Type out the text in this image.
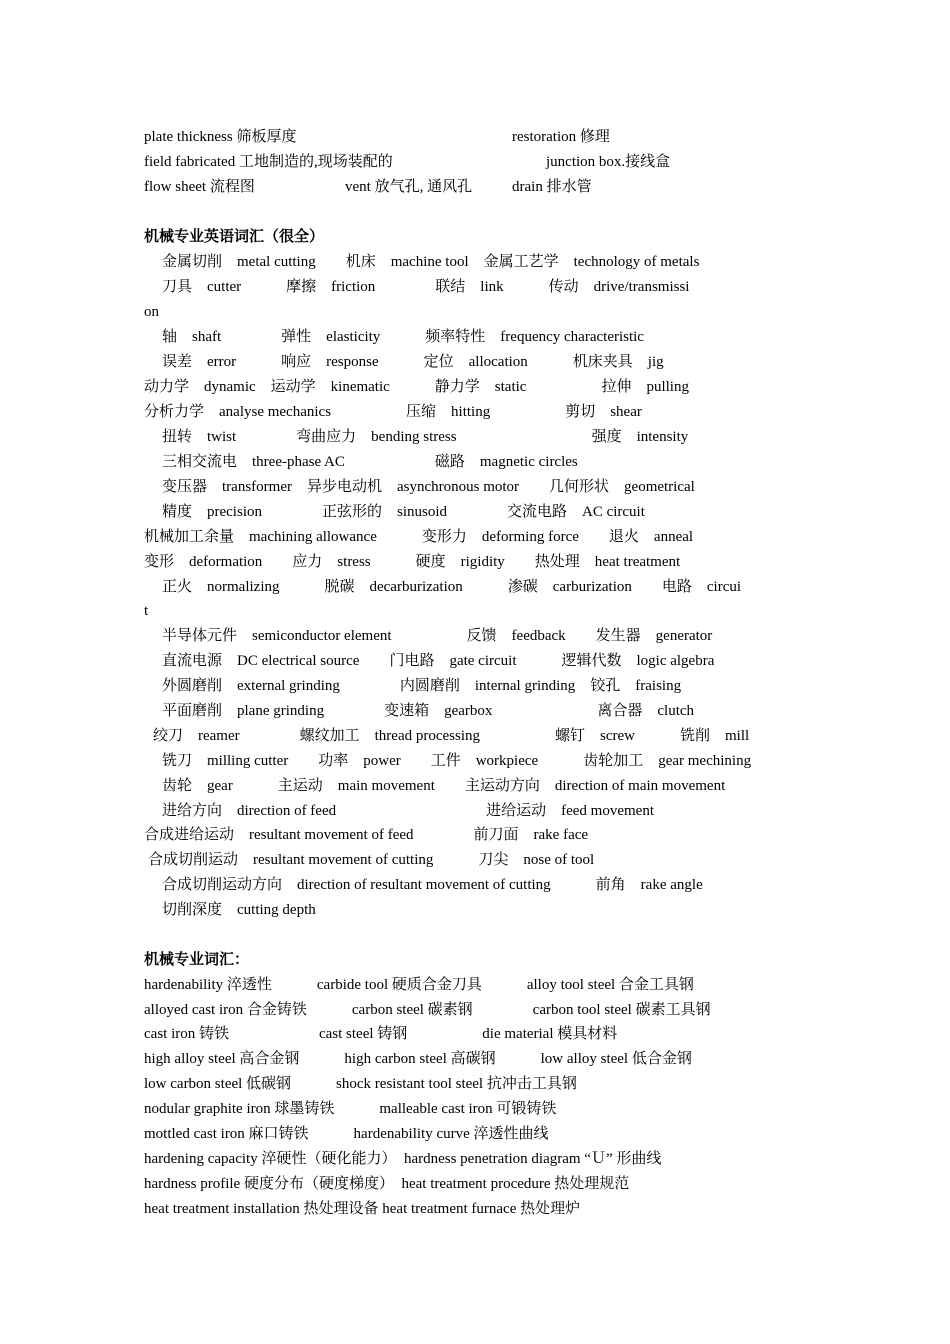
plate thickness 筛板厚度	restoration 修理
field fabricated 工地制造的,现场装配的	junction box.接线盒
flow sheet 流程图	vent 放气孔, 通风孔	drain 排水管
机械专业英语词汇（很全）
金属切削　metal cutting　　机床　machine tool　金属工艺学　technology of metals
刀具　cutter　　　摩擦　friction　　　　联结　link　　　传动　drive/transmissi
on
轴　shaft　　　　弹性　elasticity　　　频率特性　frequency characteristic
误差　error　　　响应　response　　　定位　allocation　　　机床夹具　jig
动力学　dynamic　运动学　kinematic　　　静力学　static　　　　　拉伸　pulling
分析力学　analyse mechanics　　　　　压缩　hitting　　　　　剪切　shear
扭转　twist　　　　弯曲应力　bending stress　　　　　　　　　强度　intensity
三相交流电　three-phase AC　　　　　　磁路　magnetic circles
变压器　transformer　异步电动机　asynchronous motor　　几何形状　geometrical
精度　precision　　　　正弦形的　sinusoid　　　　交流电路　AC circuit
机械加工余量　machining allowance　　　变形力　deforming force　　退火　anneal
变形　deformation　　应力　stress　　　硬度　rigidity　　热处理　heat treatment
正火　normalizing　　　脱碳　decarburization　　　渗碳　carburization　　电路　circui
t
半导体元件　semiconductor element　　　　　反馈　feedback　　发生器　generator
直流电源　DC electrical source　　门电路　gate circuit　　　逻辑代数　logic algebra
外圆磨削　external grinding　　　　内圆磨削　internal grinding　铰孔　fraising
平面磨削　plane grinding　　　　变速箱　gearbox　　　　　　　离合器　clutch
绞刀　reamer　　　　螺纹加工　thread processing　　　　　螺钉　screw　　　铣削　mill
铣刀　milling cutter　　功率　power　　工件　workpiece　　　齿轮加工　gear mechining
齿轮　gear　　　主运动　main movement　　主运动方向　direction of main movement
进给方向　direction of feed　　　　　　　　　　进给运动　feed movement
合成进给运动　resultant movement of feed　　　　前刀面　rake face
合成切削运动　resultant movement of cutting　　　刀尖　nose of tool
合成切削运动方向　direction of resultant movement of cutting　　　前角　rake angle
切削深度　cutting depth
机械专业词汇：
hardenability 淬透性　　　carbide tool 硬质合金刀具　　　alloy tool steel 合金工具钢
alloyed cast iron 合金铸铁　　　carbon steel 碳素钢　　　　carbon tool steel 碳素工具钢
cast iron 铸铁　　　　　　cast steel 铸钢　　　　　die material 模具材料
high alloy steel 高合金钢　　　high carbon steel 高碳钢　　　low alloy steel 低合金钢
low carbon steel 低碳钢　　　shock resistant tool steel 抗冲击工具钢
nodular graphite iron 球墨铸铁　　　malleable cast iron 可锻铸铁
mottled cast iron 麻口铸铁　　　hardenability curve 淬透性曲线
hardening capacity 淬硬性（硬化能力）　hardness penetration diagram “Ｕ” 形曲线
hardness profile 硬度分布（硬度梯度）　heat treatment procedure 热处理规范
heat treatment installation 热处理设备 heat treatment furnace 热处理炉
